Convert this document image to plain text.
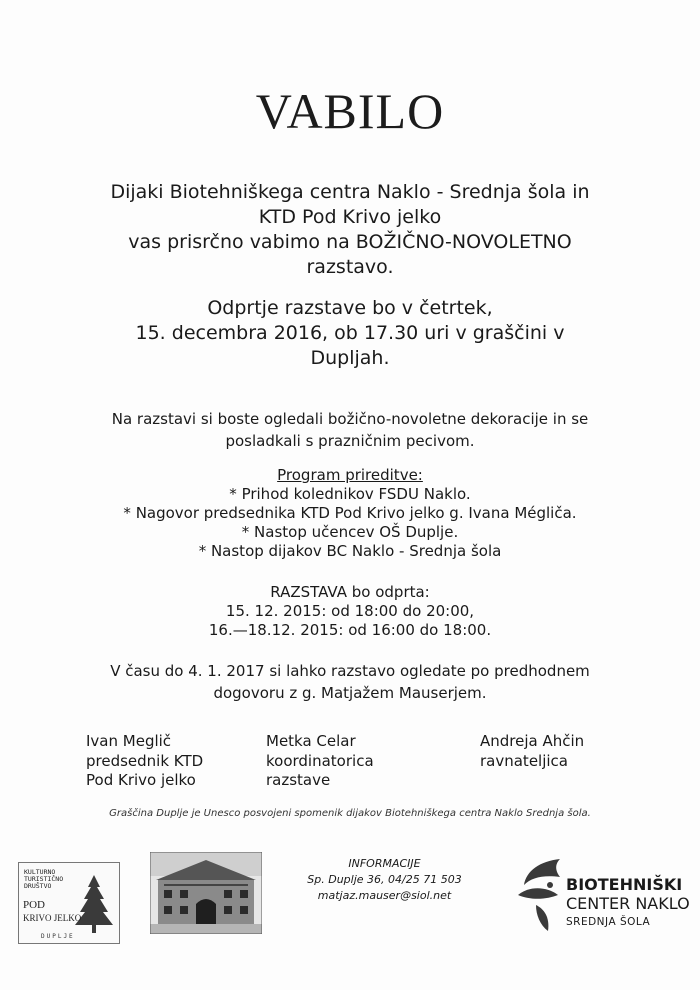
VABILO
Dijaki Biotehniškega centra Naklo - Srednja šola in
KTD Pod Krivo jelko
vas prisrčno vabimo na BOŽIČNO-NOVOLETNO
razstavo.
Odprtje razstave bo v četrtek,
15. decembra 2016, ob 17.30 uri v graščini v
Dupljah.
Na razstavi si boste ogledali božično-novoletne dekoracije in se
posladkali s prazničnim pecivom.
Program prireditve:
* Prihod kolednikov FSDU Naklo.
* Nagovor predsednika KTD Pod Krivo jelko g. Ivana Mégliča.
* Nastop učencev OŠ Duplje.
* Nastop dijakov BC Naklo - Srednja šola
RAZSTAVA bo odprta:
15. 12. 2015: od 18:00 do 20:00,
16.—18.12. 2015: od 16:00 do 18:00.
V času do 4. 1. 2017 si lahko razstavo ogledate po predhodnem
dogovoru z g. Matjažem Mauserjem.
Ivan Meglič
predsednik KTD
Pod Krivo jelko
Metka Celar
koordinatorica
razstave
Andreja Ahčin
ravnateljica
Graščina Duplje je Unesco posvojeni spomenik dijakov Biotehniškega centra Naklo Srednja šola.
KULTURNO
TURISTIČNO
DRUŠTVO
POD
KRIVO JELKO
DUPLJE
INFORMACIJE
Sp. Duplje 36, 04/25 71 503
matjaz.mauser@siol.net
BIOTEHNIŠKI
CENTER NAKLO
SREDNJA ŠOLA
